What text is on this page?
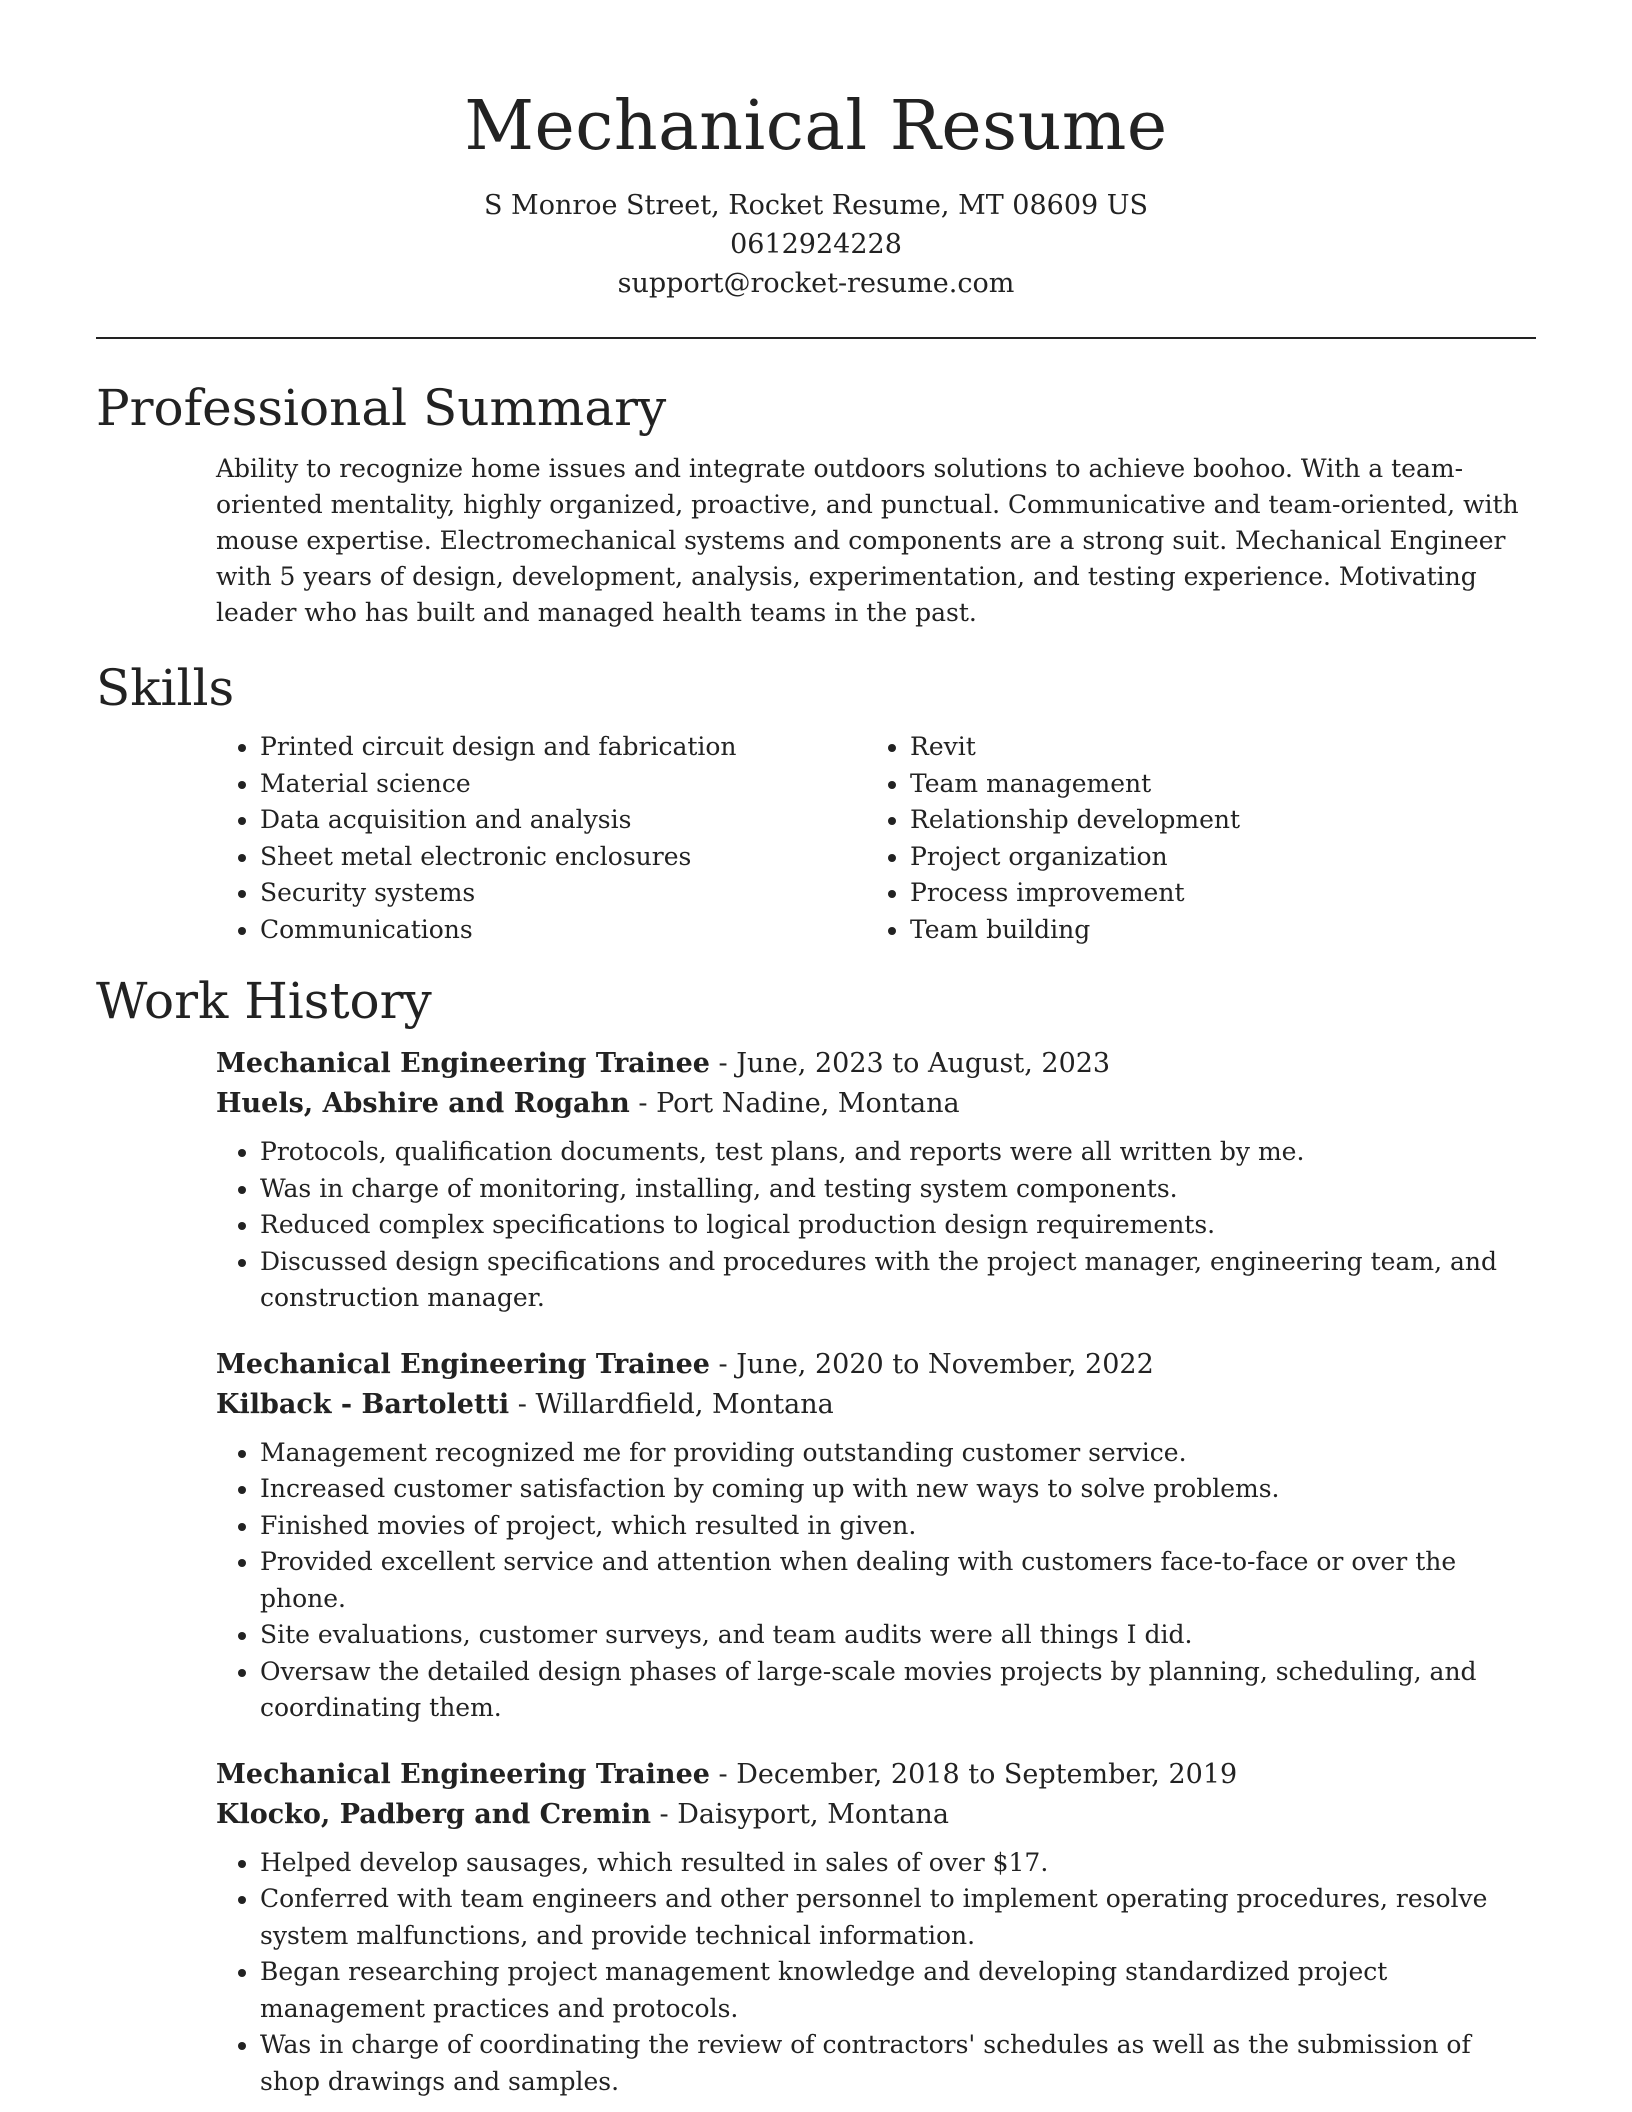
Mechanical Resume
S Monroe Street, Rocket Resume, MT 08609 US
0612924228
support@rocket-resume.com
Professional Summary
Ability to recognize home issues and integrate outdoors solutions to achieve boohoo. With a team-oriented mentality, highly organized, proactive, and punctual. Communicative and team-oriented, with mouse expertise. Electromechanical systems and components are a strong suit. Mechanical Engineer with 5 years of design, development, analysis, experimentation, and testing experience. Motivating leader who has built and managed health teams in the past.
Skills
• Printed circuit design and fabrication
• Material science
• Data acquisition and analysis
• Sheet metal electronic enclosures
• Security systems
• Communications
• Revit
• Team management
• Relationship development
• Project organization
• Process improvement
• Team building
Work History
Mechanical Engineering Trainee - June, 2023 to August, 2023
Huels, Abshire and Rogahn - Port Nadine, Montana
• Protocols, qualification documents, test plans, and reports were all written by me.
• Was in charge of monitoring, installing, and testing system components.
• Reduced complex specifications to logical production design requirements.
• Discussed design specifications and procedures with the project manager, engineering team, and construction manager.
Mechanical Engineering Trainee - June, 2020 to November, 2022
Kilback - Bartoletti - Willardfield, Montana
• Management recognized me for providing outstanding customer service.
• Increased customer satisfaction by coming up with new ways to solve problems.
• Finished movies of project, which resulted in given.
• Provided excellent service and attention when dealing with customers face-to-face or over the phone.
• Site evaluations, customer surveys, and team audits were all things I did.
• Oversaw the detailed design phases of large-scale movies projects by planning, scheduling, and coordinating them.
Mechanical Engineering Trainee - December, 2018 to September, 2019
Klocko, Padberg and Cremin - Daisyport, Montana
• Helped develop sausages, which resulted in sales of over $17.
• Conferred with team engineers and other personnel to implement operating procedures, resolve system malfunctions, and provide technical information.
• Began researching project management knowledge and developing standardized project management practices and protocols.
• Was in charge of coordinating the review of contractors' schedules as well as the submission of shop drawings and samples.
